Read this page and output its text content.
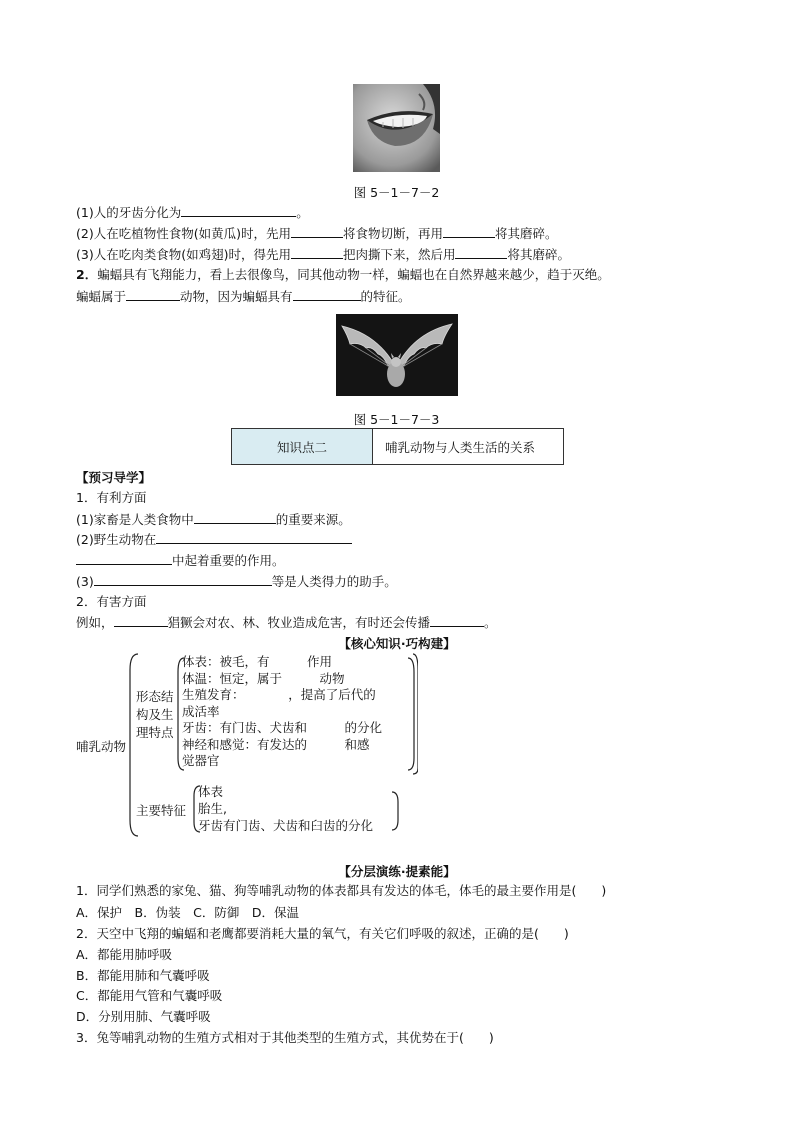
图 5－1－7－2
(1)人的牙齿分化为	。
(2)人在吃植物性食物(如黄瓜)时，先用	将食物切断，再用	将其磨碎。
(3)人在吃肉类食物(如鸡翅)时，得先用	把肉撕下来，然后用	将其磨碎。
2．蝙蝠具有飞翔能力，看上去很像鸟，同其他动物一样，蝙蝠也在自然界越来越少，趋于灭绝。
蝙蝠属于	动物，因为蝙蝠具有	的特征。
图 5－1－7－3
知识点二	哺乳动物与人类生活的关系
【预习导学】
1．有利方面
(1)家畜是人类食物中	的重要来源。
(2)野生动物在
中起着重要的作用。
(3)	等是人类得力的助手。
2．有害方面
例如，	猖獗会对农、林、牧业造成危害，有时还会传播	。
【核心知识·巧构建】
哺乳动物
形态结
构及生
理特点
体表：被毛，有　　　作用
体温：恒定，属于　　　动物
生殖发育：　　　　，提高了后代的
成活率
牙齿：有门齿、犬齿和　　　的分化
神经和感觉：有发达的　　　和感
觉器官
主要特征
体表
胎生,
牙齿有门齿、犬齿和臼齿的分化
【分层演练·提素能】
1．同学们熟悉的家兔、猫、狗等哺乳动物的体表都具有发达的体毛，体毛的最主要作用是(　　)
A．保护　B．伪装　C．防御　D．保温
2．天空中飞翔的蝙蝠和老鹰都要消耗大量的氧气，有关它们呼吸的叙述，正确的是(　　)
A．都能用肺呼吸
B．都能用肺和气囊呼吸
C．都能用气管和气囊呼吸
D．分别用肺、气囊呼吸
3．兔等哺乳动物的生殖方式相对于其他类型的生殖方式，其优势在于(　　)
